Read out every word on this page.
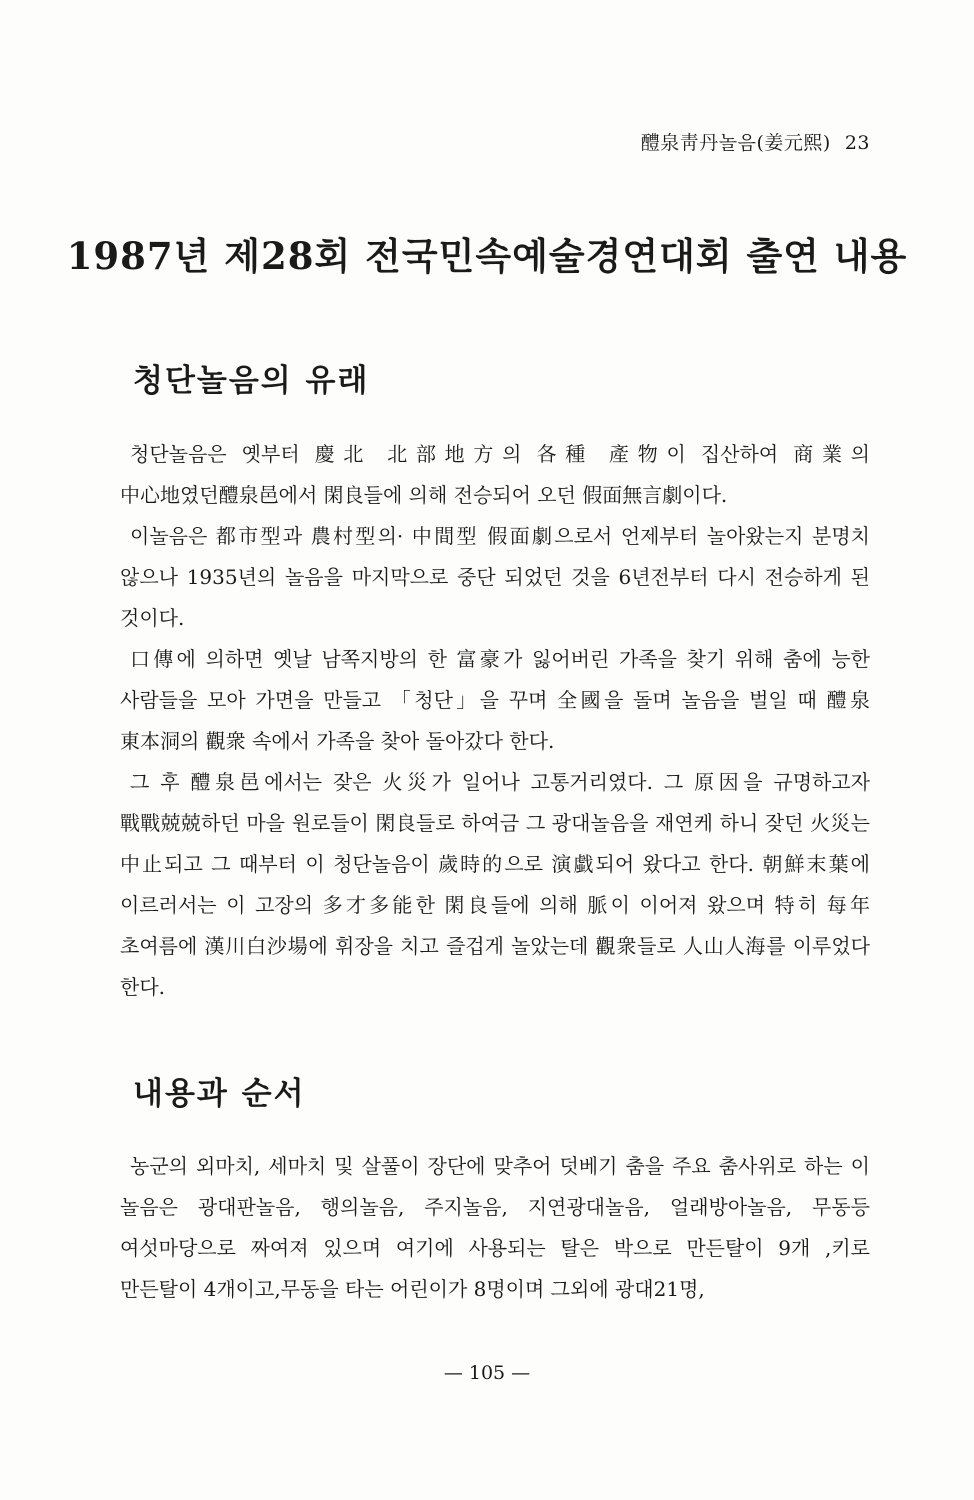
醴泉靑丹놀음(姜元熙) 23
1987년 제28회 전국민속예술경연대회 출연 내용
청단놀음의 유래

청단놀음은 옛부터 慶北 北部地方의 各種 產物이 집산하여 商業의 中心地였던醴泉邑에서 閑良들에 의해 전승되어 오던 假面無言劇이다.

이놀음은 都市型과 農村型의· 中間型 假面劇으로서 언제부터 놀아왔는지 분명치 않으나 1935년의 놀음을 마지막으로 중단 되었던 것을 6년전부터 다시 전승하게 된 것이다.

口傳에 의하면 옛날 남쪽지방의 한 富豪가 잃어버린 가족을 찾기 위해 춤에 능한 사람들을 모아 가면을 만들고 「청단」을 꾸며 全國을 돌며 놀음을 벌일 때 醴泉 東本洞의 觀衆 속에서 가족을 찾아 돌아갔다 한다.

그 후 醴泉邑에서는 잦은 火災가 일어나 고통거리였다. 그 原因을 규명하고자 戰戰兢兢하던 마을 원로들이 閑良들로 하여금 그 광대놀음을 재연케 하니 잦던 火災는 中止되고 그 때부터 이 청단놀음이 歲時的으로 演戱되어 왔다고 한다. 朝鮮末葉에 이르러서는 이 고장의 多才多能한 閑良들에 의해 脈이 이어져 왔으며 特히 每年 초여름에 漢川白沙場에 휘장을 치고 즐겁게 놀았는데 觀衆들로 人山人海를 이루었다 한다.

내용과 순서

농군의 외마치, 세마치 및 살풀이 장단에 맞추어 덧베기 춤을 주요 춤사위로 하는 이 놀음은 광대판놀음, 행의놀음, 주지놀음, 지연광대놀음, 얼래방아놀음, 무동등 여섯마당으로 짜여져 있으며 여기에 사용되는 탈은 박으로 만든탈이 9개 ,키로 만든탈이 4개이고,무동을 타는 어린이가 8명이며 그외에 광대21명,

— 105 —
